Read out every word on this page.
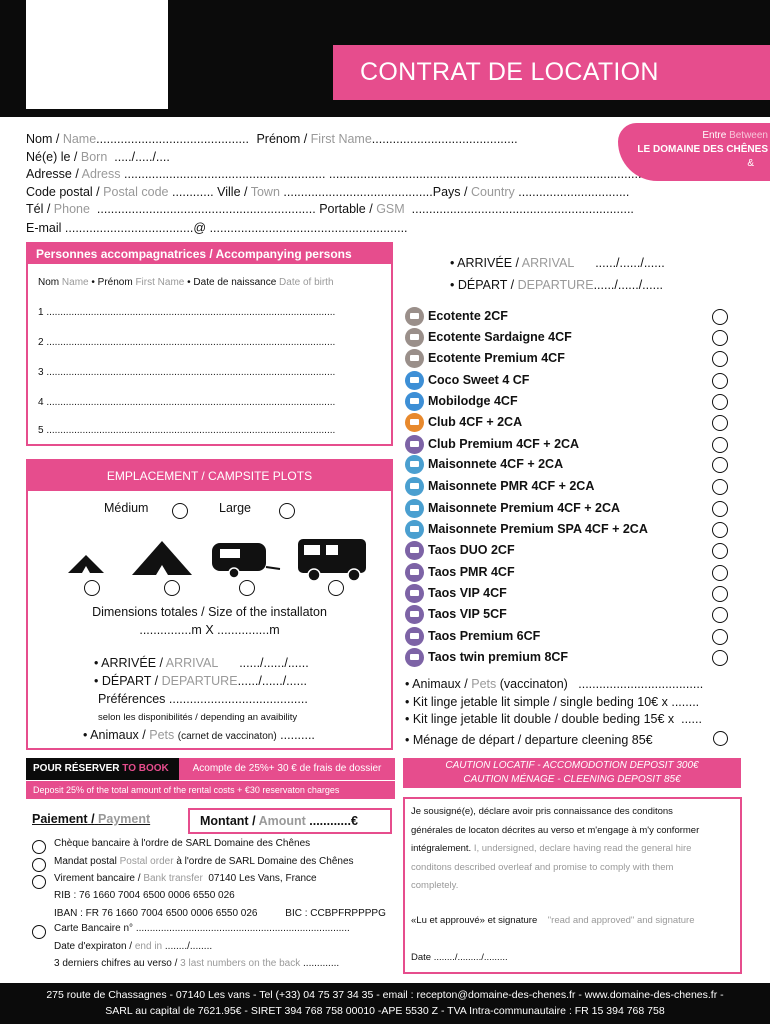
CONTRAT DE LOCATION
Entre Between
LE DOMAINE DES CHÊNES
&
Nom / Name............................................ Prénom / First Name..........................................
Né(e) le / Born ...../...../....
Adresse / Adress .......................................................... ..........................................................................................
Code postal / Postal code ............ Ville / Town ...........................................Pays / Country ................................
Tél / Phone ............................................................... Portable / GSM ................................................................
E-mail .....................................@ .........................................................
Personnes accompagnatrices / Accompanying persons
Nom Name • Prénom First Name • Date de naissance Date of birth
1 ........................................................................................................
2 ........................................................................................................
3 ........................................................................................................
4 ........................................................................................................
5 ........................................................................................................
• ARRIVÉE / ARRIVAL ....../....../......
• DÉPART / DEPARTURE....../....../......
Ecotente 2CF
Ecotente Sardaigne 4CF
Ecotente Premium 4CF
Coco Sweet 4 CF
Mobilodge 4CF
Club 4CF + 2CA
Club Premium 4CF + 2CA
Maisonnete 4CF + 2CA
Maisonnete PMR 4CF + 2CA
Maisonnete Premium 4CF + 2CA
Maisonnete Premium SPA 4CF + 2CA
Taos DUO 2CF
Taos PMR 4CF
Taos VIP 4CF
Taos VIP 5CF
Taos Premium 6CF
Taos twin premium 8CF
• Animaux / Pets (vaccinaton) ....................................
• Kit linge jetable lit simple / single beding 10€ x ........
• Kit linge jetable lit double / double beding 15€ x ......
• Ménage de départ / departure cleening 85€
EMPLACEMENT / CAMPSITE PLOTS
Médium	Large
Dimensions totales / Size of the installaton
...............m X ...............m
• ARRIVÉE / ARRIVAL ....../....../......
• DÉPART / DEPARTURE....../....../......
Préférences ........................................
selon les disponibilités / depending an avaibility
• Animaux / Pets (carnet de vaccinaton) ..........
POUR RÉSERVER TO BOOK	Acompte de 25%+ 30 € de frais de dossier
Deposit 25% of the total amount of the rental costs + €30 reservaton charges
CAUTION LOCATIF - ACCOMODOTION DEPOSIT 300€
CAUTION MÉNAGE - CLEENING DEPOSIT 85€
Paiement / Payment	Montant / Amount ............€
Chèque bancaire à l'ordre de SARL Domaine des Chênes
Mandat postal Postal order à l'ordre de SARL Domaine des Chênes
Virement bancaire / Bank transfer 07140 Les Vans, France
RIB : 76 1660 7004 6500 0006 6550 026
IBAN : FR 76 1660 7004 6500 0006 6550 026	BIC : CCBPFRPPPPG
Carte Bancaire n° .............................................................................
Date d'expiraton / end in ......../........
3 derniers chifres au verso / 3 last numbers on the back .............
Je sousigné(e), déclare avoir pris connaissance des conditons
générales de locaton décrites au verso et m'engage à m'y conformer
intégralement. I, undersigned, declare having read the general hire
conditons described overleaf and promise to comply with them
completely.
«Lu et approuvé» et signature "read and approved" and signature
Date ......../........./.........
275 route de Chassagnes - 07140 Les vans - Tel (+33) 04 75 37 34 35 - email : recepton@domaine-des-chenes.fr - www.domaine-des-chenes.fr -
SARL au capital de 7621.95€ - SIRET 394 768 758 00010 -APE 5530 Z - TVA Intra-communautaire : FR 15 394 768 758
